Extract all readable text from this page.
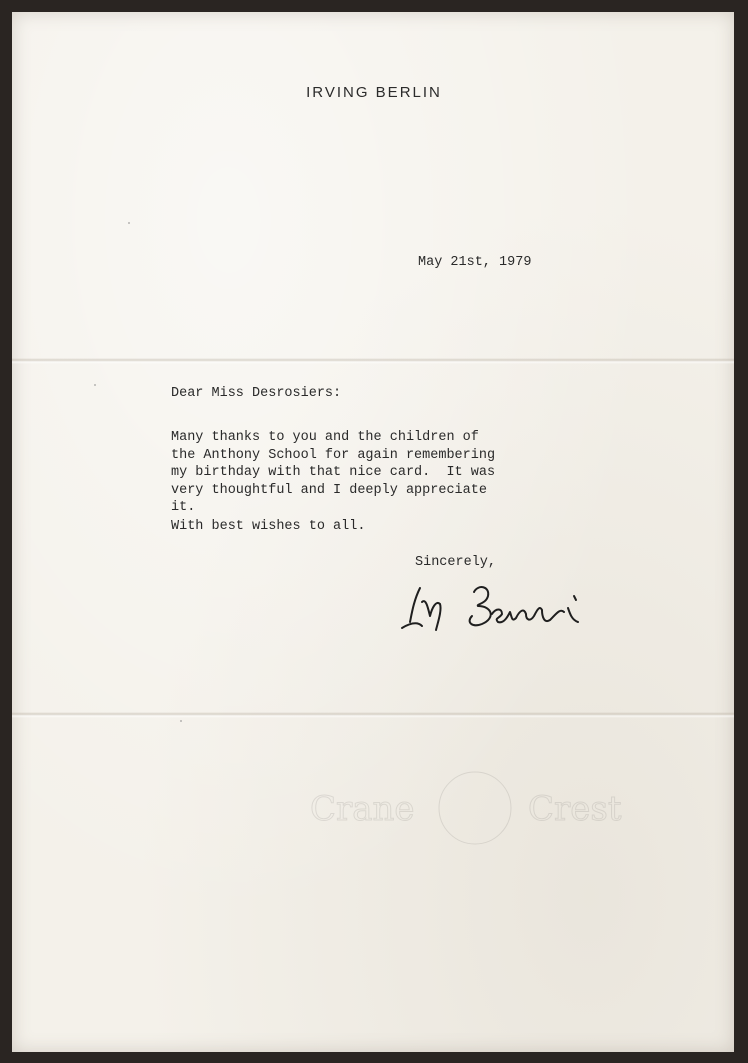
IRVING BERLIN
May 21st, 1979
Dear Miss Desrosiers:
Many thanks to you and the children of
the Anthony School for again remembering
my birthday with that nice card.  It was
very thoughtful and I deeply appreciate
it.
With best wishes to all.
Sincerely,
Crane	Crest
